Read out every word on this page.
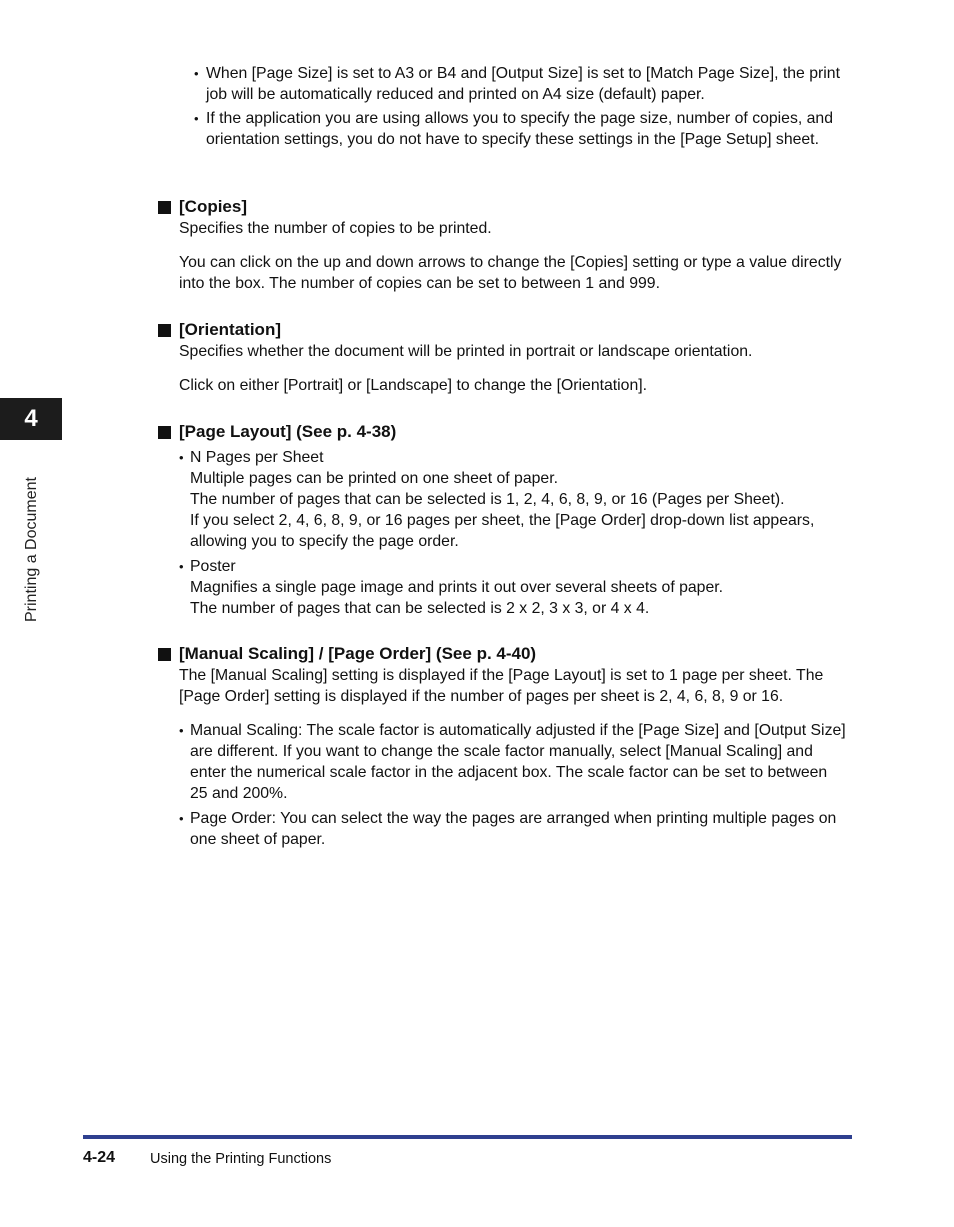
• When [Page Size] is set to A3 or B4 and [Output Size] is set to [Match Page Size], the print job will be automatically reduced and printed on A4 size (default) paper.
• If the application you are using allows you to specify the page size, number of copies, and orientation settings, you do not have to specify these settings in the [Page Setup] sheet.
[Copies]
Specifies the number of copies to be printed.
You can click on the up and down arrows to change the [Copies] setting or type a value directly into the box. The number of copies can be set to between 1 and 999.
[Orientation]
Specifies whether the document will be printed in portrait or landscape orientation.
Click on either [Portrait] or [Landscape] to change the [Orientation].
[Page Layout] (See p. 4-38)
• N Pages per Sheet
Multiple pages can be printed on one sheet of paper.
The number of pages that can be selected is 1, 2, 4, 6, 8, 9, or 16 (Pages per Sheet).
If you select 2, 4, 6, 8, 9, or 16 pages per sheet, the [Page Order] drop-down list appears, allowing you to specify the page order.
• Poster
Magnifies a single page image and prints it out over several sheets of paper.
The number of pages that can be selected is 2 x 2, 3 x 3, or 4 x 4.
[Manual Scaling] / [Page Order] (See p. 4-40)
The [Manual Scaling] setting is displayed if the [Page Layout] is set to 1 page per sheet. The [Page Order] setting is displayed if the number of pages per sheet is 2, 4, 6, 8, 9 or 16.
• Manual Scaling: The scale factor is automatically adjusted if the [Page Size] and [Output Size] are different. If you want to change the scale factor manually, select [Manual Scaling] and enter the numerical scale factor in the adjacent box. The scale factor can be set to between 25 and 200%.
• Page Order: You can select the way the pages are arranged when printing multiple pages on one sheet of paper.
4
Printing a Document
4-24 Using the Printing Functions
